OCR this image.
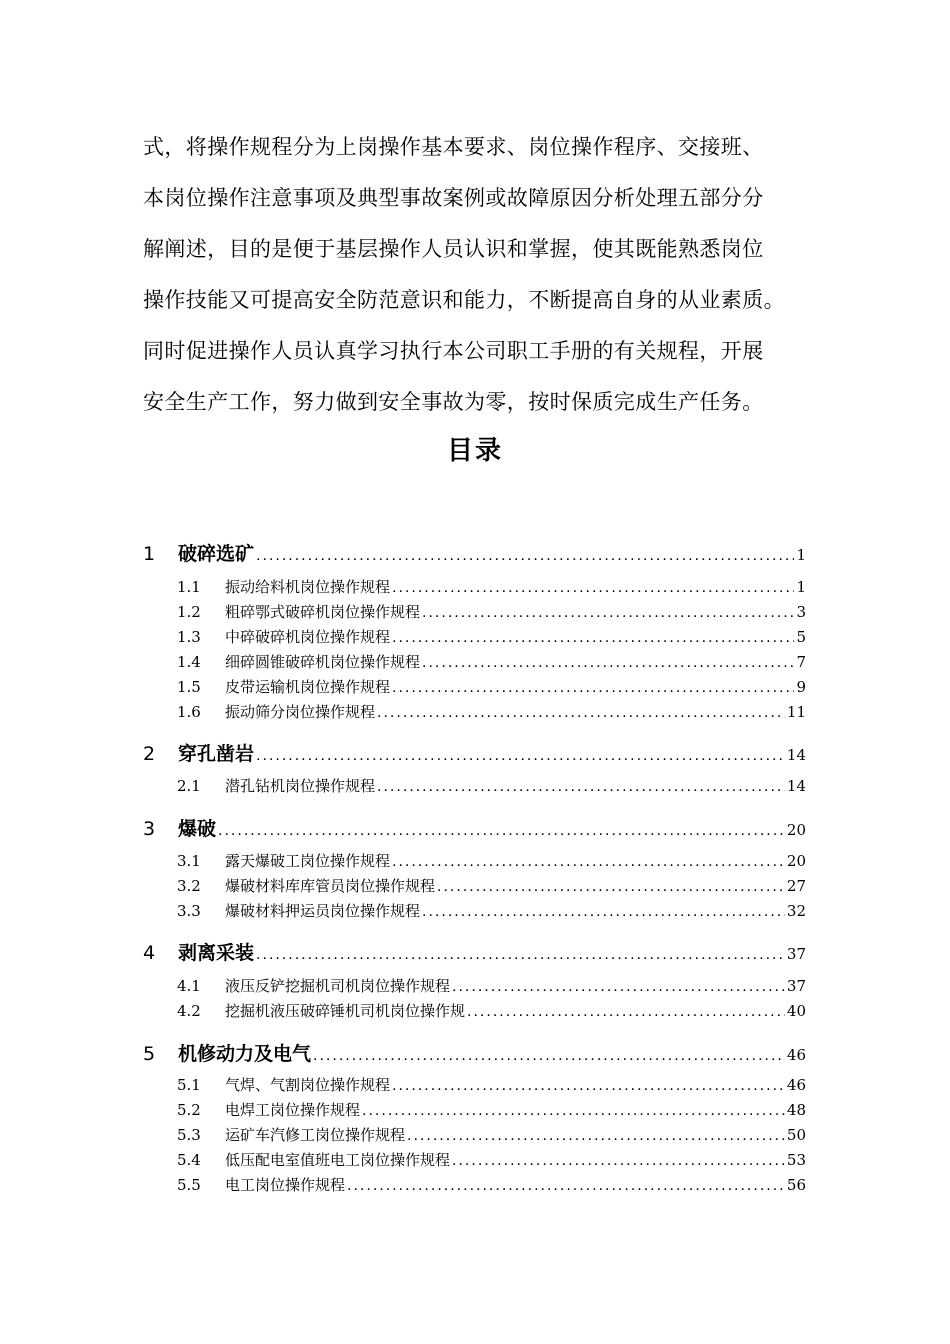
式，将操作规程分为上岗操作基本要求、岗位操作程序、交接班、
本岗位操作注意事项及典型事故案例或故障原因分析处理五部分分
解阐述，目的是便于基层操作人员认识和掌握，使其既能熟悉岗位
操作技能又可提高安全防范意识和能力，不断提高自身的从业素质。
同时促进操作人员认真学习执行本公司职工手册的有关规程，开展
安全生产工作，努力做到安全事故为零，按时保质完成生产任务。
目录
1	破碎选矿 .....	1
1.1	振动给料机岗位操作规程 .....	1
1.2	粗碎鄂式破碎机岗位操作规程 .....	3
1.3	中碎破碎机岗位操作规程 .....	5
1.4	细碎圆锥破碎机岗位操作规程 .....	7
1.5	皮带运输机岗位操作规程 .....	9
1.6	振动筛分岗位操作规程 .....	11
2	穿孔凿岩 .....	14
2.1	潜孔钻机岗位操作规程 .....	14
3	爆破 .....	20
3.1	露天爆破工岗位操作规程 .....	20
3.2	爆破材料库库管员岗位操作规程 .....	27
3.3	爆破材料押运员岗位操作规程 .....	32
4	剥离采装 .....	37
4.1	液压反铲挖掘机司机岗位操作规程 .....	37
4.2	挖掘机液压破碎锤机司机岗位操作规 .....	40
5	机修动力及电气 .....	46
5.1	气焊、气割岗位操作规程 .....	46
5.2	电焊工岗位操作规程 .....	48
5.3	运矿车汽修工岗位操作规程 .....	50
5.4	低压配电室值班电工岗位操作规程 .....	53
5.5	电工岗位操作规程 .....	56
